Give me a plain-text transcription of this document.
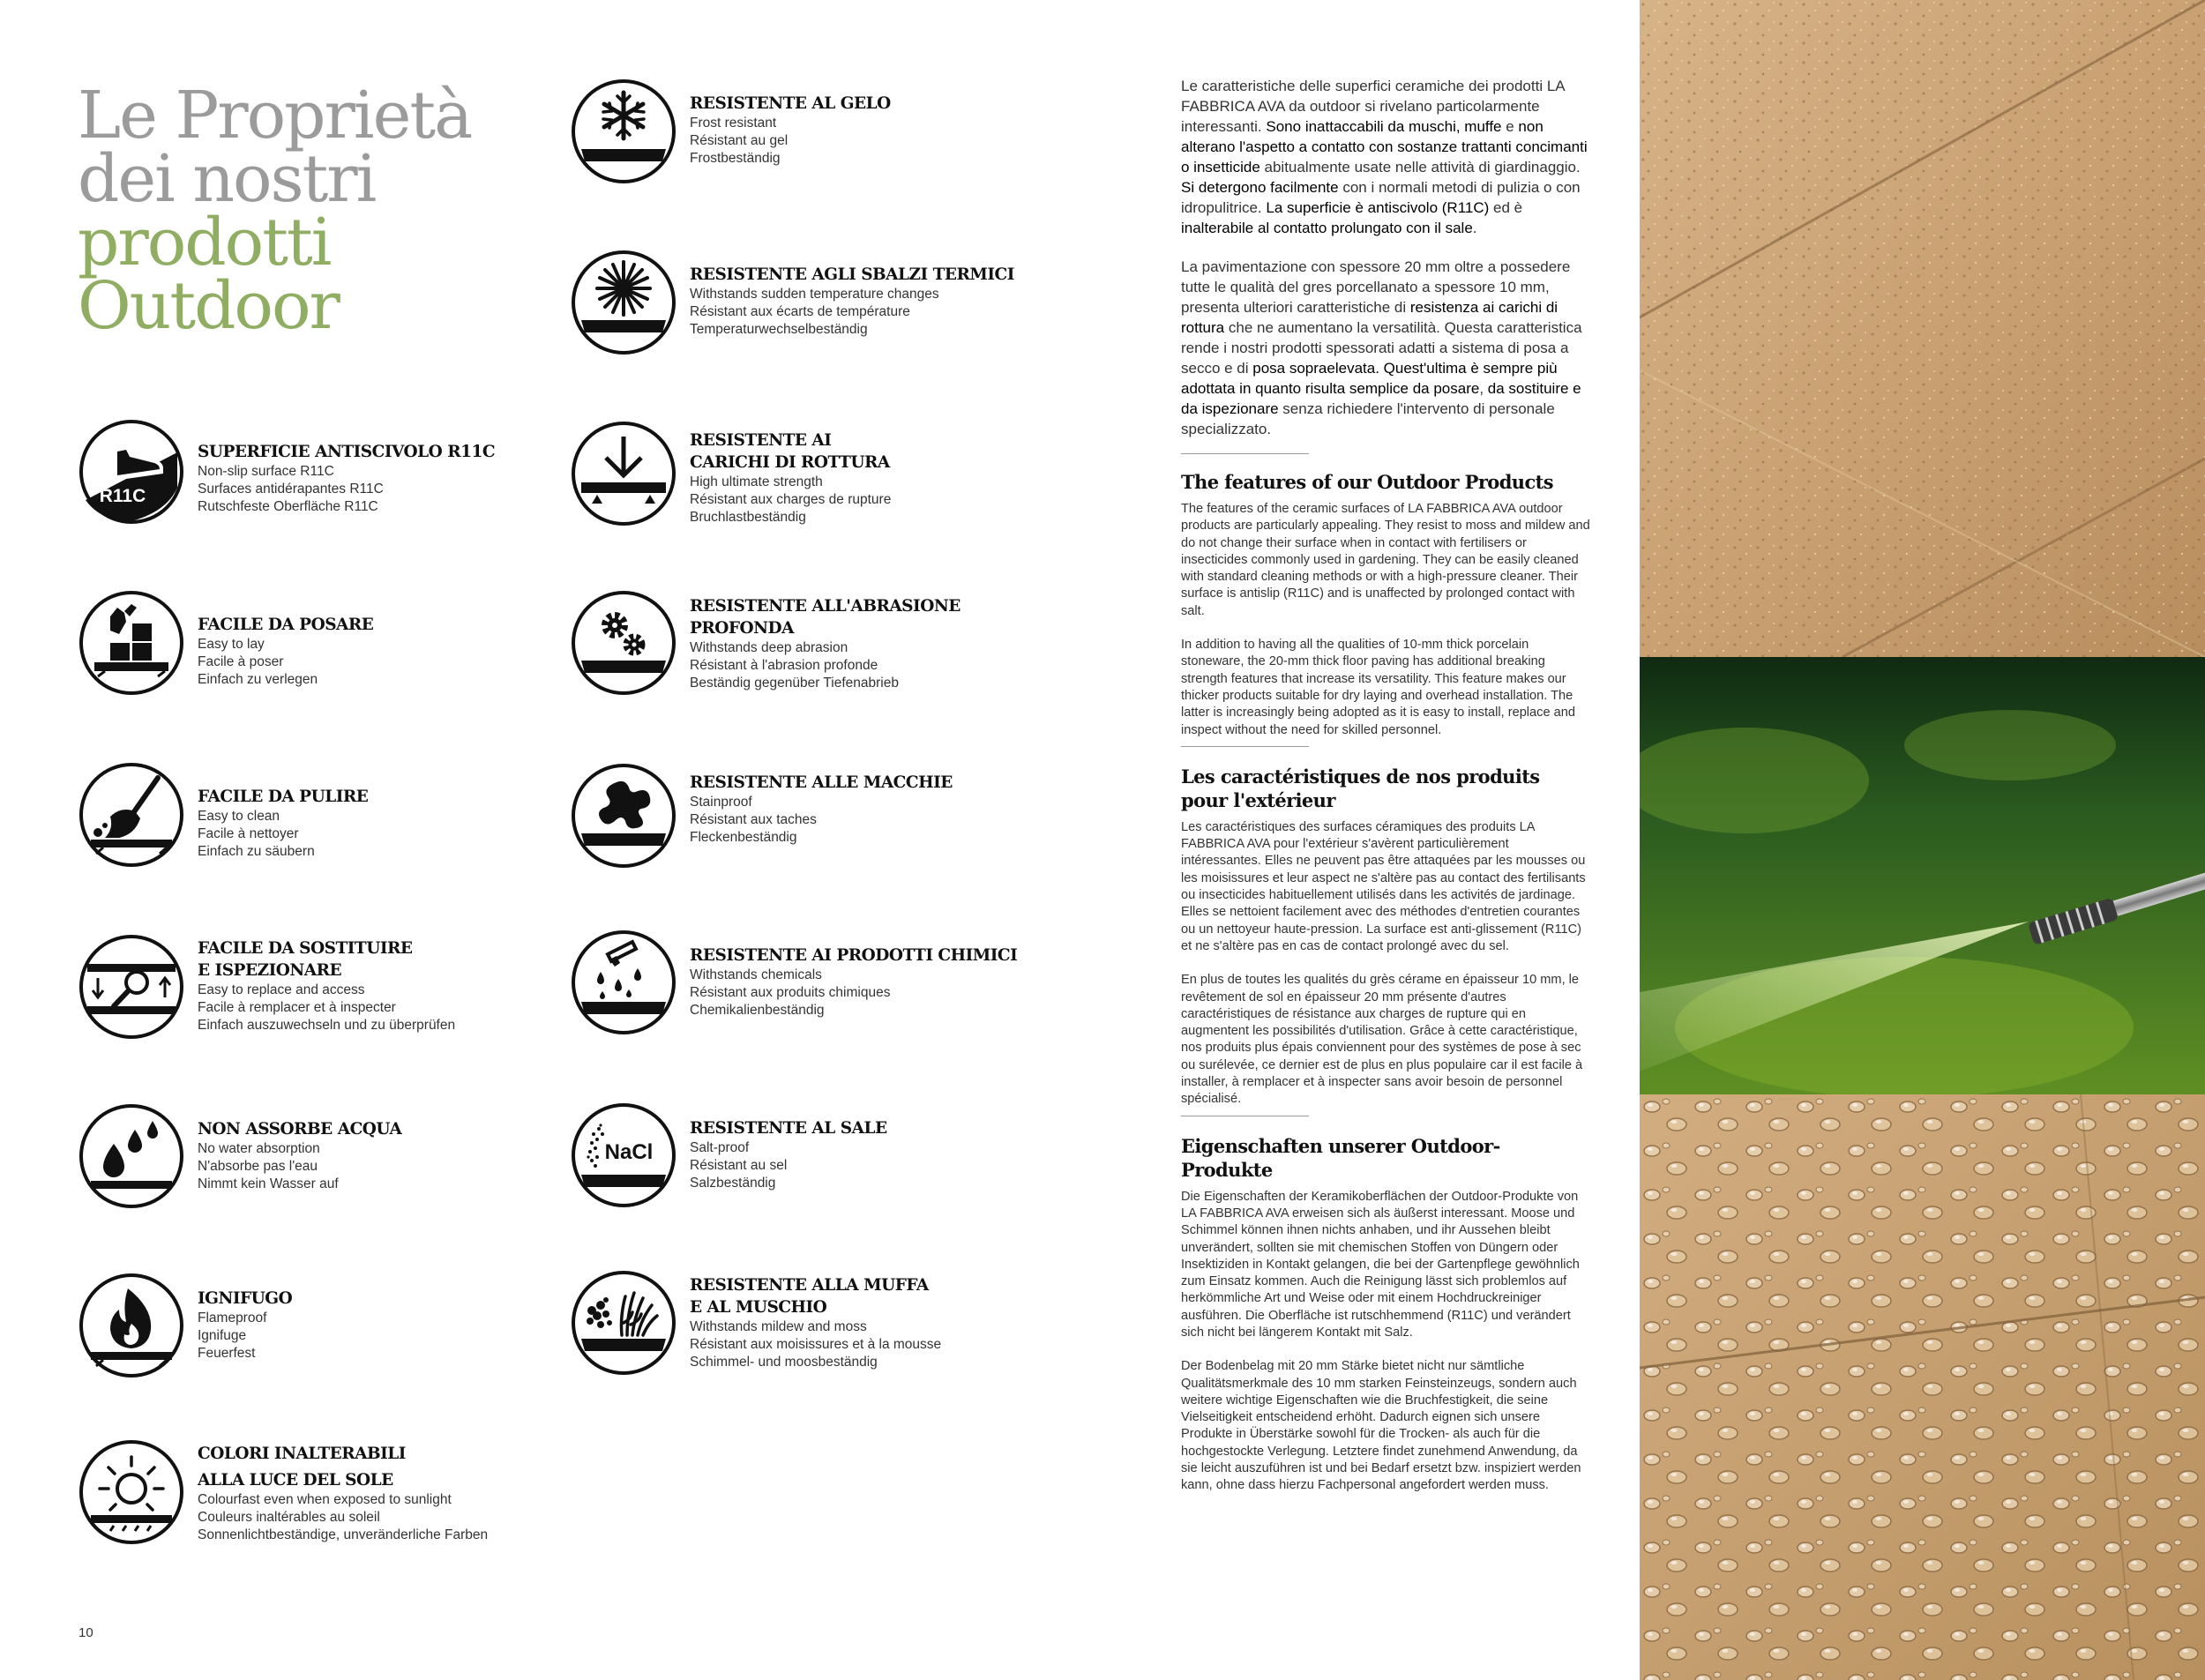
Le Proprietà
dei nostri
prodotti
Outdoor
R11C

SUPERFICIE ANTISCIVOLO R11C

Non-slip surface R11C

Surfaces antidérapantes R11C

Rutschfeste Oberfläche R11C

FACILE DA POSARE

Easy to lay

Facile à poser

Einfach zu verlegen

FACILE DA PULIRE

Easy to clean

Facile à nettoyer

Einfach zu säubern

FACILE DA SOSTITUIRE

E ISPEZIONARE

Easy to replace and access

Facile à remplacer et à inspecter

Einfach auszuwechseln und zu überprüfen

NON ASSORBE ACQUA

No water absorption

N'absorbe pas l'eau

Nimmt kein Wasser auf

IGNIFUGO

Flameproof

Ignifuge

Feuerfest

COLORI INALTERABILI

ALLA LUCE DEL SOLE

Colourfast even when exposed to sunlight

Couleurs inaltérables au soleil

Sonnenlichtbeständige, unveränderliche Farben

RESISTENTE AL GELO

Frost resistant

Résistant au gel

Frostbeständig

RESISTENTE AGLI SBALZI TERMICI

Withstands sudden temperature changes

Résistant aux écarts de température

Temperaturwechselbeständig

RESISTENTE AI

CARICHI DI ROTTURA

High ultimate strength

Résistant aux charges de rupture

Bruchlastbeständig

RESISTENTE ALL'ABRASIONE

PROFONDA

Withstands deep abrasion

Résistant à l'abrasion profonde

Beständig gegenüber Tiefenabrieb

RESISTENTE ALLE MACCHIE

Stainproof

Résistant aux taches

Fleckenbeständig

RESISTENTE AI PRODOTTI CHIMICI

Withstands chemicals

Résistant aux produits chimiques

Chemikalienbeständig

NaCl

RESISTENTE AL SALE

Salt-proof

Résistant au sel

Salzbeständig

RESISTENTE ALLA MUFFA

E AL MUSCHIO

Withstands mildew and moss

Résistant aux moisissures et à la mousse

Schimmel- und moosbeständig

Le caratteristiche delle superfici ceramiche dei prodotti LA FABBRICA AVA da outdoor si rivelano particolarmente interessanti. Sono inattaccabili da muschi, muffe e non alterano l'aspetto a contatto con sostanze trattanti concimanti o insetticide abitualmente usate nelle attività di giardinaggio. Si detergono facilmente con i normali metodi di pulizia o con idropulitrice. La superficie è antiscivolo (R11C) ed è inalterabile al contatto prolungato con il sale.

La pavimentazione con spessore 20 mm oltre a possedere tutte le qualità del gres porcellanato a spessore 10 mm, presenta ulteriori caratteristiche di resistenza ai carichi di rottura che ne aumentano la versatilità. Questa caratteristica rende i nostri prodotti spessorati adatti a sistema di posa a secco e di posa sopraelevata. Quest'ultima è sempre più adottata in quanto risulta semplice da posare, da sostituire e da ispezionare senza richiedere l'intervento di personale specializzato.

The features of our Outdoor Products

The features of the ceramic surfaces of LA FABBRICA AVA outdoor products are particularly appealing. They resist to moss and mildew and do not change their surface when in contact with fertilisers or insecticides commonly used in gardening. They can be easily cleaned with standard cleaning methods or with a high-pressure cleaner. Their surface is antislip (R11C) and is unaffected by prolonged contact with salt.

In addition to having all the qualities of 10-mm thick porcelain stoneware, the 20-mm thick floor paving has additional breaking strength features that increase its versatility. This feature makes our thicker products suitable for dry laying and overhead installation. The latter is increasingly being adopted as it is easy to install, replace and inspect without the need for skilled personnel.

Les caractéristiques de nos produits
pour l'extérieur

Les caractéristiques des surfaces céramiques des produits LA FABBRICA AVA pour l'extérieur s'avèrent particulièrement intéressantes. Elles ne peuvent pas être attaquées par les mousses ou les moisissures et leur aspect ne s'altère pas au contact des fertilisants ou insecticides habituellement utilisés dans les activités de jardinage. Elles se nettoient facilement avec des méthodes d'entretien courantes ou un nettoyeur haute-pression. La surface est anti-glissement (R11C) et ne s'altère pas en cas de contact prolongé avec du sel.

En plus de toutes les qualités du grès cérame en épaisseur 10 mm, le revêtement de sol en épaisseur 20 mm présente d'autres caractéristiques de résistance aux charges de rupture qui en augmentent les possibilités d'utilisation. Grâce à cette caractéristique, nos produits plus épais conviennent pour des systèmes de pose à sec ou surélevée, ce dernier est de plus en plus populaire car il est facile à installer, à remplacer et à inspecter sans avoir besoin de personnel spécialisé.

Eigenschaften unserer Outdoor-Produkte

Die Eigenschaften der Keramikoberflächen der Outdoor-Produkte von LA FABBRICA AVA erweisen sich als äußerst interessant. Moose und Schimmel können ihnen nichts anhaben, und ihr Aussehen bleibt unverändert, sollten sie mit chemischen Stoffen von Düngern oder Insektiziden in Kontakt gelangen, die bei der Gartenpflege gewöhnlich zum Einsatz kommen. Auch die Reinigung lässt sich problemlos auf herkömmliche Art und Weise oder mit einem Hochdruckreiniger ausführen. Die Oberfläche ist rutschhemmend (R11C) und verändert sich nicht bei längerem Kontakt mit Salz.

Der Bodenbelag mit 20 mm Stärke bietet nicht nur sämtliche Qualitätsmerkmale des 10 mm starken Feinsteinzeugs, sondern auch weitere wichtige Eigenschaften wie die Bruchfestigkeit, die seine Vielseitigkeit entscheidend erhöht. Dadurch eignen sich unsere Produkte in Überstärke sowohl für die Trocken- als auch für die hochgestockte Verlegung. Letztere findet zunehmend Anwendung, da sie leicht auszuführen ist und bei Bedarf ersetzt bzw. inspiziert werden kann, ohne dass hierzu Fachpersonal angefordert werden muss.

10
